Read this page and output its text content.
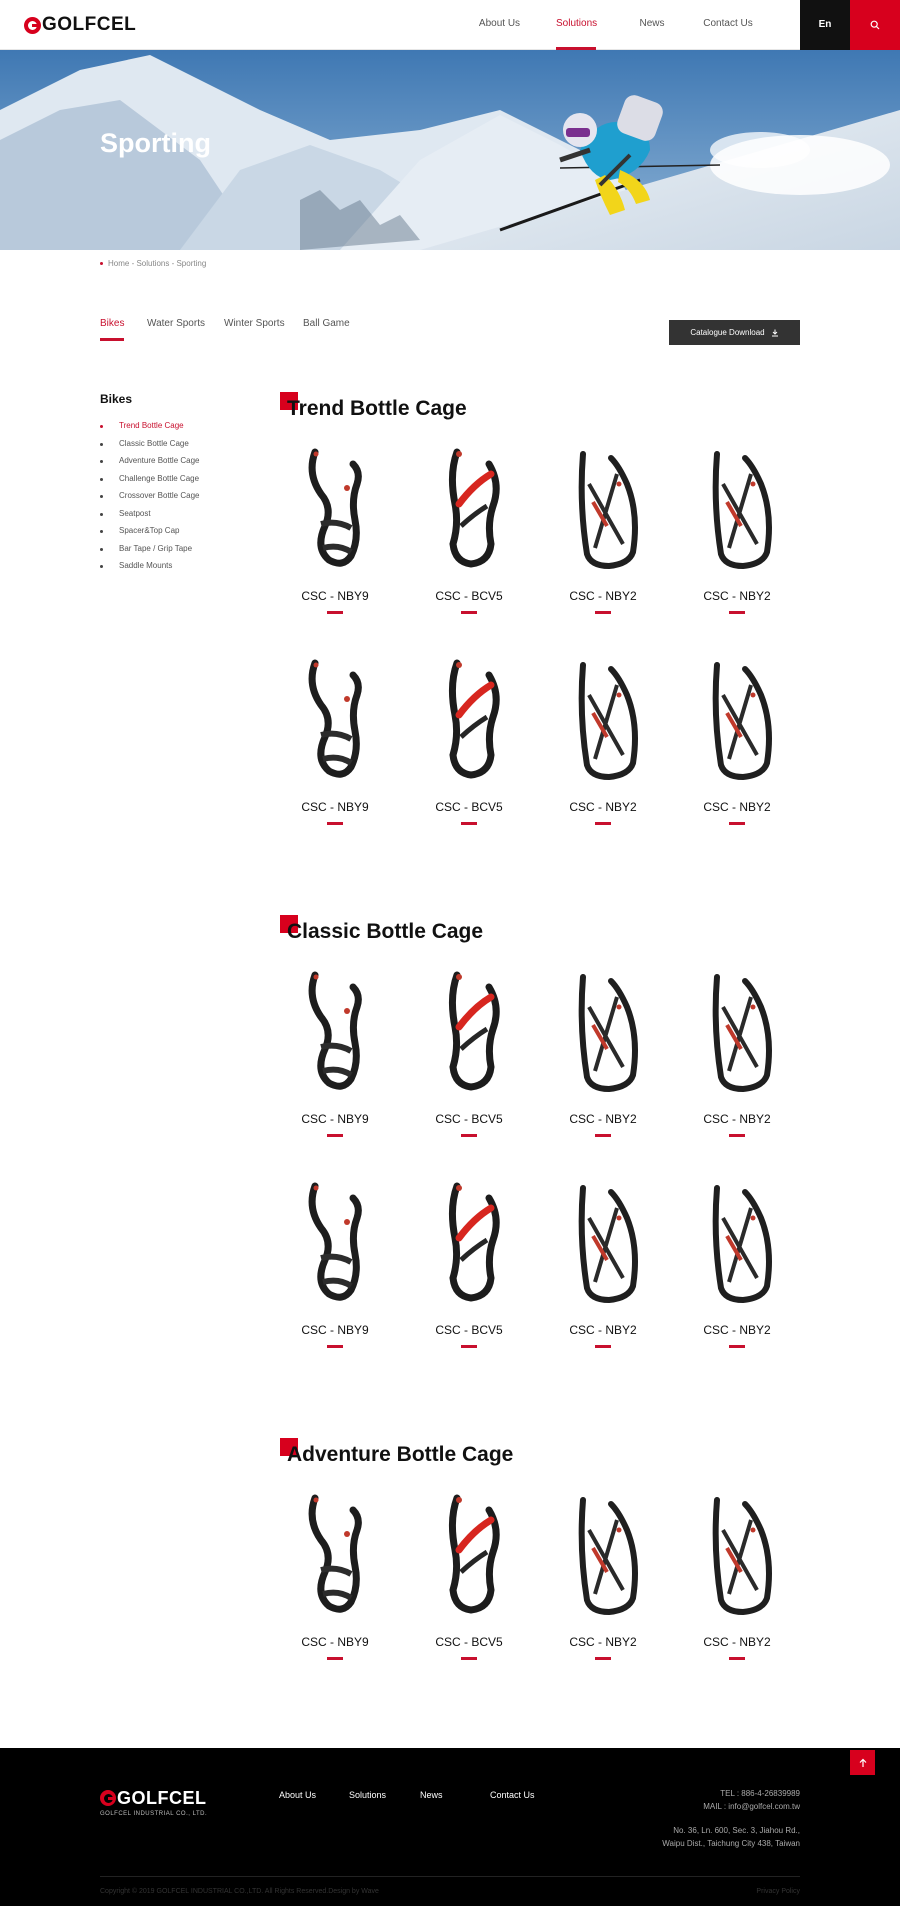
GOLFCEL	About Us	Solutions	News	Contact Us	En
Sporting
Home - Solutions - Sporting
Bikes Water Sports Winter Sports Ball Game
Catalogue Download
Bikes
Trend Bottle Cage
Classic Bottle Cage
Adventure Bottle Cage
Challenge Bottle Cage
Crossover Bottle Cage
Seatpost
Spacer&Top Cap
Bar Tape / Grip Tape
Saddle Mounts
Trend Bottle Cage
CSC - NBY9	CSC - BCV5	CSC - NBY2	CSC - NBY2
CSC - NBY9	CSC - BCV5	CSC - NBY2	CSC - NBY2
Classic Bottle Cage
CSC - NBY9	CSC - BCV5	CSC - NBY2	CSC - NBY2
CSC - NBY9	CSC - BCV5	CSC - NBY2	CSC - NBY2
Adventure Bottle Cage
CSC - NBY9	CSC - BCV5	CSC - NBY2	CSC - NBY2
GOLFCEL
GOLFCEL INDUSTRIAL CO., LTD.
About Us	Solutions	News	Contact Us	TEL : 886-4-26839989
MAIL : info@golfcel.com.tw
No. 36, Ln. 600, Sec. 3, Jiahou Rd.,
Waipu Dist., Taichung City 438, Taiwan
Copyright © 2019 GOLFCEL INDUSTRIAL CO.,LTD. All Rights Reserved.Design by Wave	Privacy Policy
